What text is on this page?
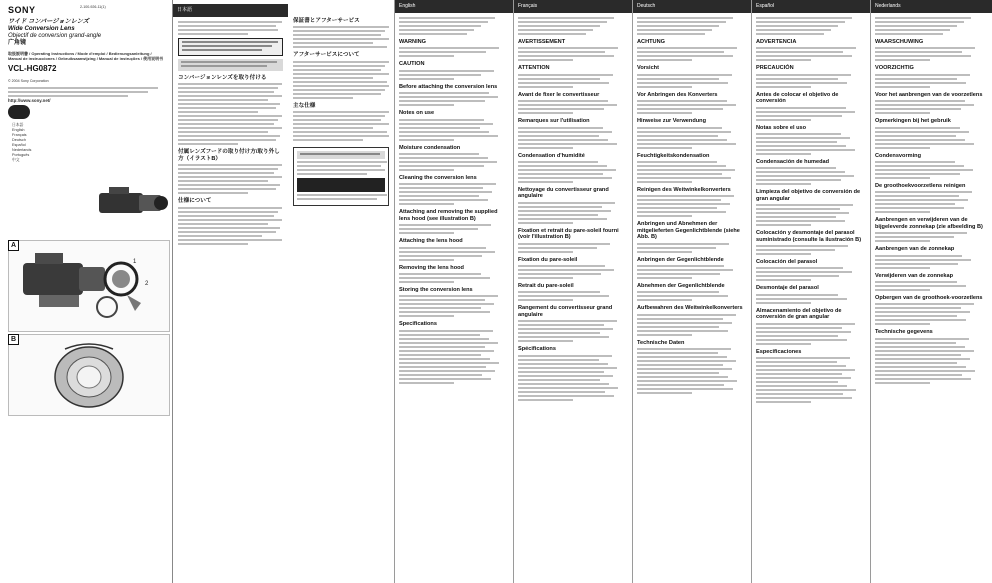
SONY	2-100-926-11(1)

ワイド コンバージョンレンズ

Wide Conversion Lens

Objectif de conversion grand-angle

广角镜

取扱説明書 / Operating Instructions / Mode d'emploi / Bedienungsanleitung / Manual de instrucciones / Gebruiksaanwijzing / Manual de instruções / 使用说明书

VCL-HG0872

© 2004 Sony Corporation

http://www.sony.net/

日本語
English
Français
Deutsch
Español
Nederlands
Português
中文
A
1
2
B
日本語
コンバージョンレンズを取り付ける
付属レンズフードの取り付け方/取り外し方（イラストB）
仕様について
保証書とアフターサービス
アフターサービスについて
主な仕様
English
WARNING
CAUTION
Before attaching the conversion lens
Notes on use
Moisture condensation
Cleaning the conversion lens
Attaching and removing the supplied lens hood (see illustration B)
Attaching the lens hood
Removing the lens hood
Storing the conversion lens
Specifications
Français
AVERTISSEMENT
ATTENTION
Avant de fixer le convertisseur
Remarques sur l'utilisation
Condensation d'humidité
Nettoyage du convertisseur grand angulaire
Fixation et retrait du pare-soleil fourni (voir l'illustration B)
Fixation du pare-soleil
Retrait du pare-soleil
Rangement du convertisseur grand angulaire
Spécifications
Deutsch
ACHTUNG
Vorsicht
Vor Anbringen des Konverters
Hinweise zur Verwendung
Feuchtigkeitskondensation
Reinigen des Weitwinkelkonverters
Anbringen und Abnehmen der mitgelieferten Gegenlichtblende (siehe Abb. B)
Anbringen der Gegenlichtblende
Abnehmen der Gegenlichtblende
Aufbewahren des Weitwinkelkonverters
Technische Daten
Español
ADVERTENCIA
PRECAUCIÓN
Antes de colocar el objetivo de conversión
Notas sobre el uso
Condensación de humedad
Limpieza del objetivo de conversión de gran angular
Colocación y desmontaje del parasol suministrado (consulte la ilustración B)
Colocación del parasol
Desmontaje del parasol
Almacenamiento del objetivo de conversión de gran angular
Especificaciones
Nederlands
WAARSCHUWING
VOORZICHTIG
Voor het aanbrengen van de voorzetlens
Opmerkingen bij het gebruik
Condensvorming
De groothoekvoorzetlens reinigen
Aanbrengen en verwijderen van de bijgeleverde zonnekap (zie afbeelding B)
Aanbrengen van de zonnekap
Verwijderen van de zonnekap
Opbergen van de groothoek-voorzetlens
Technische gegevens
